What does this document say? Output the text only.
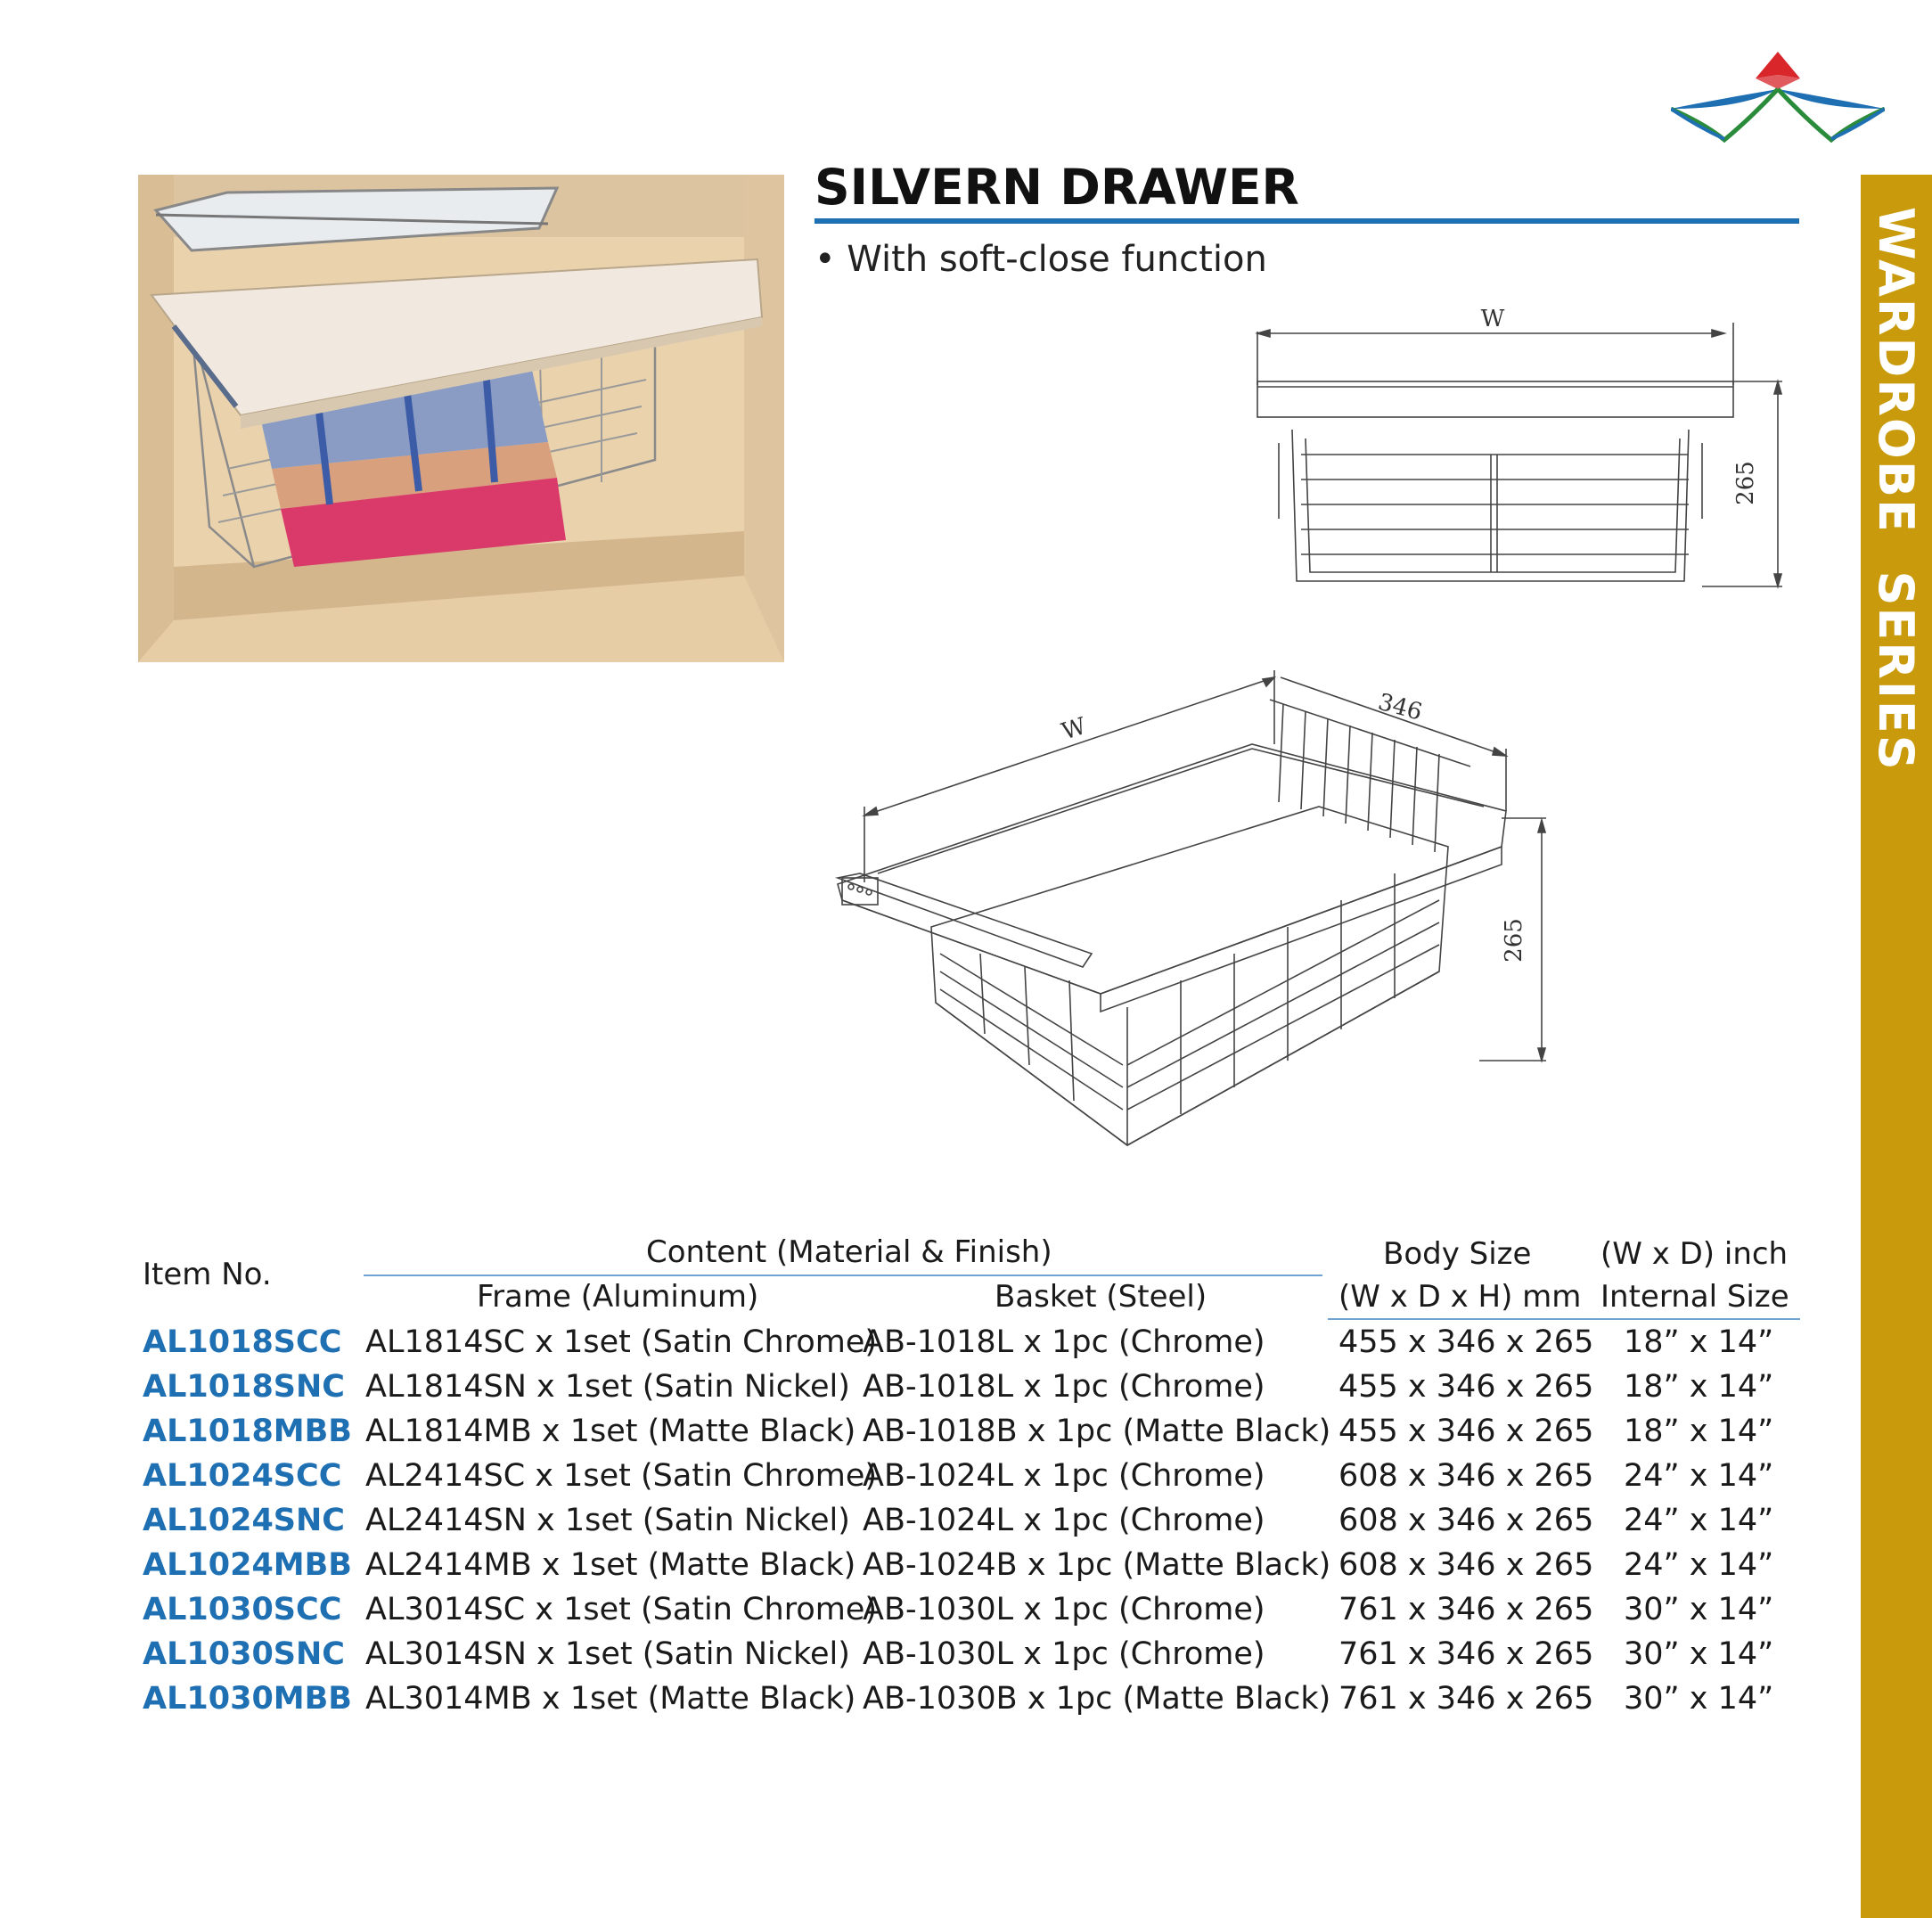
WARDROBE  SERIES
SILVERN DRAWER
• With soft-close function
W
265
W
346
265
Item No.
Content (Material & Finish)
Frame (Aluminum)	Basket (Steel)
Body Size
(W x D x H) mm
(W x D) inch
Internal Size
AL1018SCC AL1814SC x 1set (Satin Chrome)
AB-1018L x 1pc (Chrome) 455 x 346 x 265 18” x 14”
AL1018SNC AL1814SN x 1set (Satin Nickel) AB-1018L x 1pc (Chrome) 455 x 346 x 265 18” x 14”
AL1018MBB AL1814MB x 1set (Matte Black) AB-1018B x 1pc (Matte Black) 455 x 346 x 265 18” x 14”
AL1024SCC AL2414SC x 1set (Satin Chrome)
AB-1024L x 1pc (Chrome) 608 x 346 x 265 24” x 14”
AL1024SNC AL2414SN x 1set (Satin Nickel) AB-1024L x 1pc (Chrome) 608 x 346 x 265 24” x 14”
AL1024MBB AL2414MB x 1set (Matte Black) AB-1024B x 1pc (Matte Black) 608 x 346 x 265 24” x 14”
AL1030SCC AL3014SC x 1set (Satin Chrome)
AB-1030L x 1pc (Chrome) 761 x 346 x 265 30” x 14”
AL1030SNC AL3014SN x 1set (Satin Nickel) AB-1030L x 1pc (Chrome) 761 x 346 x 265 30” x 14”
AL1030MBB AL3014MB x 1set (Matte Black) AB-1030B x 1pc (Matte Black) 761 x 346 x 265 30” x 14”
